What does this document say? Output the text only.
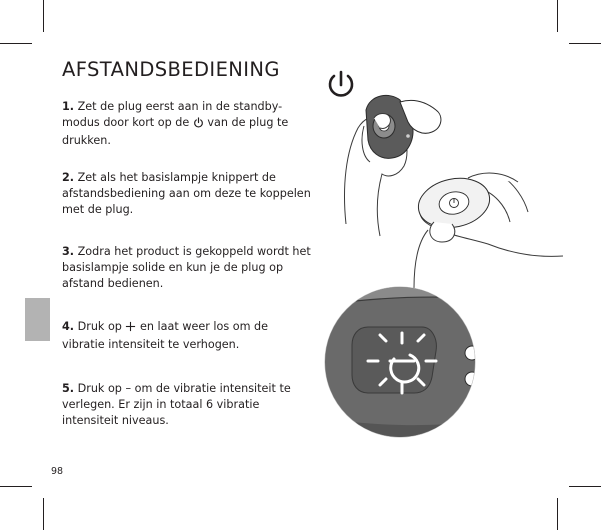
AFSTANDSBEDIENING

1. Zet de plug eerst aan in de standby-modus door kort op de van de plug te drukken.

2. Zet als het basislampje knippert de afstandsbediening aan om deze te koppelen met de plug.

3. Zodra het product is gekoppeld wordt het basislampje solide en kun je de plug op afstand bedienen.

4. Druk op en laat weer los om de vibratie intensiteit te verhogen.

5. Druk op – om de vibratie intensiteit te verlegen. Er zijn in totaal 6 vibratie intensiteit niveaus.

98
